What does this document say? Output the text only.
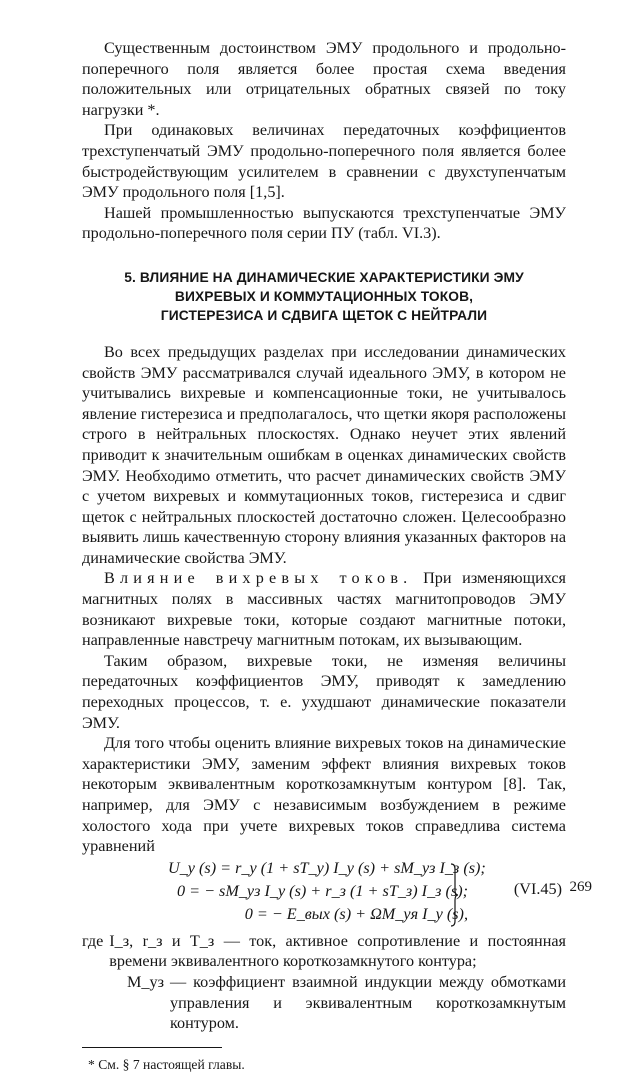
Существенным достоинством ЭМУ продольного и продольно-поперечного поля является более простая схема введения положительных или отрицательных обратных связей по току нагрузки *.

При одинаковых величинах передаточных коэффициентов трехступенчатый ЭМУ продольно-поперечного поля является более быстродействующим усилителем в сравнении с двухступенчатым ЭМУ продольного поля [1,5].

Нашей промышленностью выпускаются трехступенчатые ЭМУ продольно-поперечного поля серии ПУ (табл. VI.3).

5. ВЛИЯНИЕ НА ДИНАМИЧЕСКИЕ ХАРАКТЕРИСТИКИ ЭМУ
ВИХРЕВЫХ И КОММУТАЦИОННЫХ ТОКОВ,
ГИСТЕРЕЗИСА И СДВИГА ЩЕТОК С НЕЙТРАЛИ

Во всех предыдущих разделах при исследовании динамических свойств ЭМУ рассматривался случай идеального ЭМУ, в котором не учитывались вихревые и компенсационные токи, не учитывалось явление гистерезиса и предполагалось, что щетки якоря расположены строго в нейтральных плоскостях. Однако неучет этих явлений приводит к значительным ошибкам в оценках динамических свойств ЭМУ. Необходимо отметить, что расчет динамических свойств ЭМУ с учетом вихревых и коммутационных токов, гистерезиса и сдвиг щеток с нейтральных плоскостей достаточно сложен. Целесообразно выявить лишь качественную сторону влияния указанных факторов на динамические свойства ЭМУ.

Влияние вихревых токов. При изменяющихся магнитных полях в массивных частях магнитопроводов ЭМУ возникают вихревые токи, которые создают магнитные потоки, направленные навстречу магнитным потокам, их вызывающим.

Таким образом, вихревые токи, не изменяя величины передаточных коэффициентов ЭМУ, приводят к замедлению переходных процессов, т. е. ухудшают динамические показатели ЭМУ.

Для того чтобы оценить влияние вихревых токов на динамические характеристики ЭМУ, заменим эффект влияния вихревых токов некоторым эквивалентным короткозамкнутым контуром [8]. Так, например, для ЭМУ с независимым возбуждением в режиме холостого хода при учете вихревых токов справедлива система уравнений

U_y (s) = r_y (1 + sT_y) I_y (s) + sM_yз I_з (s);
0 = − sM_yз I_y (s) + r_з (1 + sT_з) I_з (s);
0 = − E_вых (s) + ΩM_yя I_y (s),
(VI.45)
где I_з, r_з и T_з — ток, активное сопротивление и постоянная времени эквивалентного короткозамкнутого контура;
M_yз — коэффициент взаимной индукции между обмотками управления и эквивалентным короткозамкнутым контуром.
* См. § 7 настоящей главы.
269
